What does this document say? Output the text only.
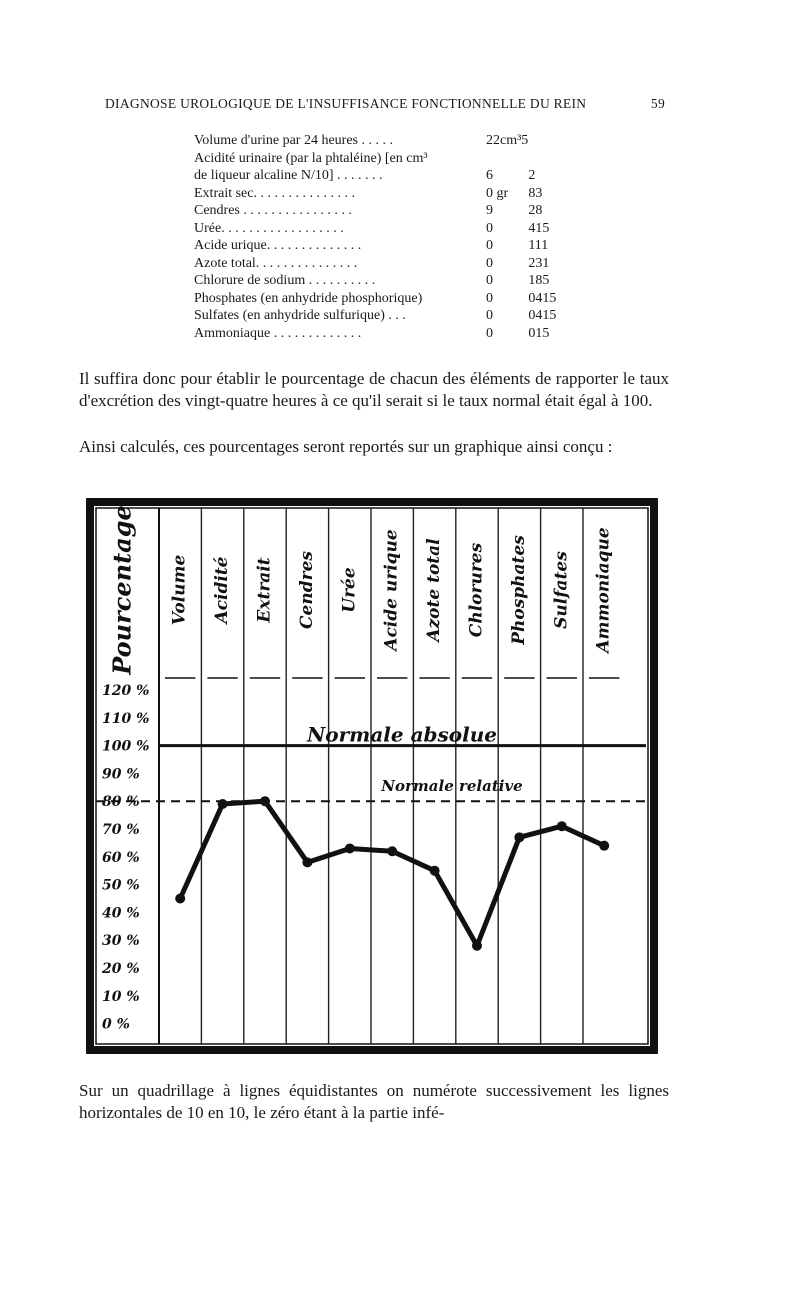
DIAGNOSE UROLOGIQUE DE L'INSUFFISANCE FONCTIONNELLE DU REIN	59
Volume d'urine par 24 heures . . . . .	22cm³5	
Acidité urinaire (par la phtaléine) [en cm³		
de liqueur alcaline N/10] . . . . . . .	6	2
Extrait sec. . . . . . . . . . . . . . .	0 gr	83
Cendres . . . . . . . . . . . . . . . .	9	28
Urée. . . . . . . . . . . . . . . . . .	0	415
Acide urique. . . . . . . . . . . . . .	0	111
Azote total. . . . . . . . . . . . . . .	0	231
Chlorure de sodium . . . . . . . . . .	0	185
Phosphates (en anhydride phosphorique)	0	0415
Sulfates (en anhydride sulfurique) . . .	0	0415
Ammoniaque . . . . . . . . . . . . .	0	015

Il suffira donc pour établir le pourcentage de chacun des éléments de rapporter le taux d'excrétion des vingt-quatre heures à ce qu'il serait si le taux normal était égal à 100.

Ainsi calculés, ces pourcentages seront reportés sur un graphique ainsi conçu :

Sur un quadrillage à lignes équidistantes on numérote successivement les lignes horizontales de 10 en 10, le zéro étant à la partie infé-

Pourcentage Volume Acidité Extrait Cendres Urée Acide urique Azote total Chlorures Phosphates Sulfates Ammoniaque
120 %
110 %
100 %
90 %
80 %
70 %
60 %
50 %
40 %
30 %
20 %
10 %
0 %
Normale absolue
Normale relative
